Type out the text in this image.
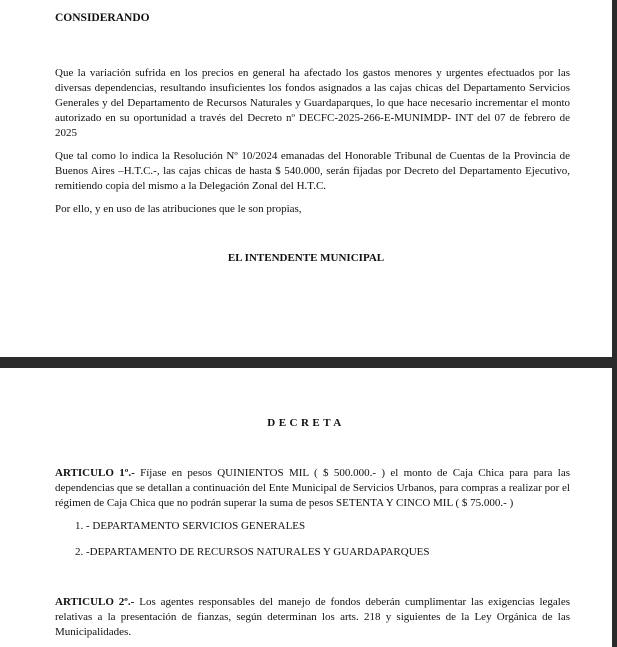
CONSIDERANDO

Que la variación sufrida en los precios en general ha afectado los gastos menores y urgentes efectuados por las diversas dependencias, resultando insuficientes los fondos asignados a las cajas chicas del Departamento Servicios Generales y del Departamento de Recursos Naturales y Guardaparques, lo que hace necesario incrementar el monto autorizado en su oportunidad a través del Decreto nº DECFC-2025-266-E-MUNIMDP- INT del 07 de febrero de 2025

Que tal como lo indica la Resolución Nº 10/2024 emanadas del Honorable Tribunal de Cuentas de la Provincia de Buenos Aires –H.T.C.-, las cajas chicas de hasta $ 540.000, serán fijadas por Decreto del Departamento Ejecutivo, remitiendo copia del mismo a la Delegación Zonal del H.T.C.

Por ello, y en uso de las atribuciones que le son propias,

EL INTENDENTE MUNICIPAL

DECRETA

ARTICULO 1º.- Fíjase en pesos QUINIENTOS MIL ( $ 500.000.- ) el monto de Caja Chica para para las dependencias que se detallan a continuación del Ente Municipal de Servicios Urbanos, para compras a realizar por el régimen de Caja Chica que no podrán superar la suma de pesos SETENTA Y CINCO MIL ( $ 75.000.- )

1. - DEPARTAMENTO SERVICIOS GENERALES

2. -DEPARTAMENTO DE RECURSOS NATURALES Y GUARDAPARQUES

ARTICULO 2º.- Los agentes responsables del manejo de fondos deberán cumplimentar las exigencias legales relativas a la presentación de fianzas, según determinan los arts. 218 y siguientes de la Ley Orgánica de las Municipalidades.
